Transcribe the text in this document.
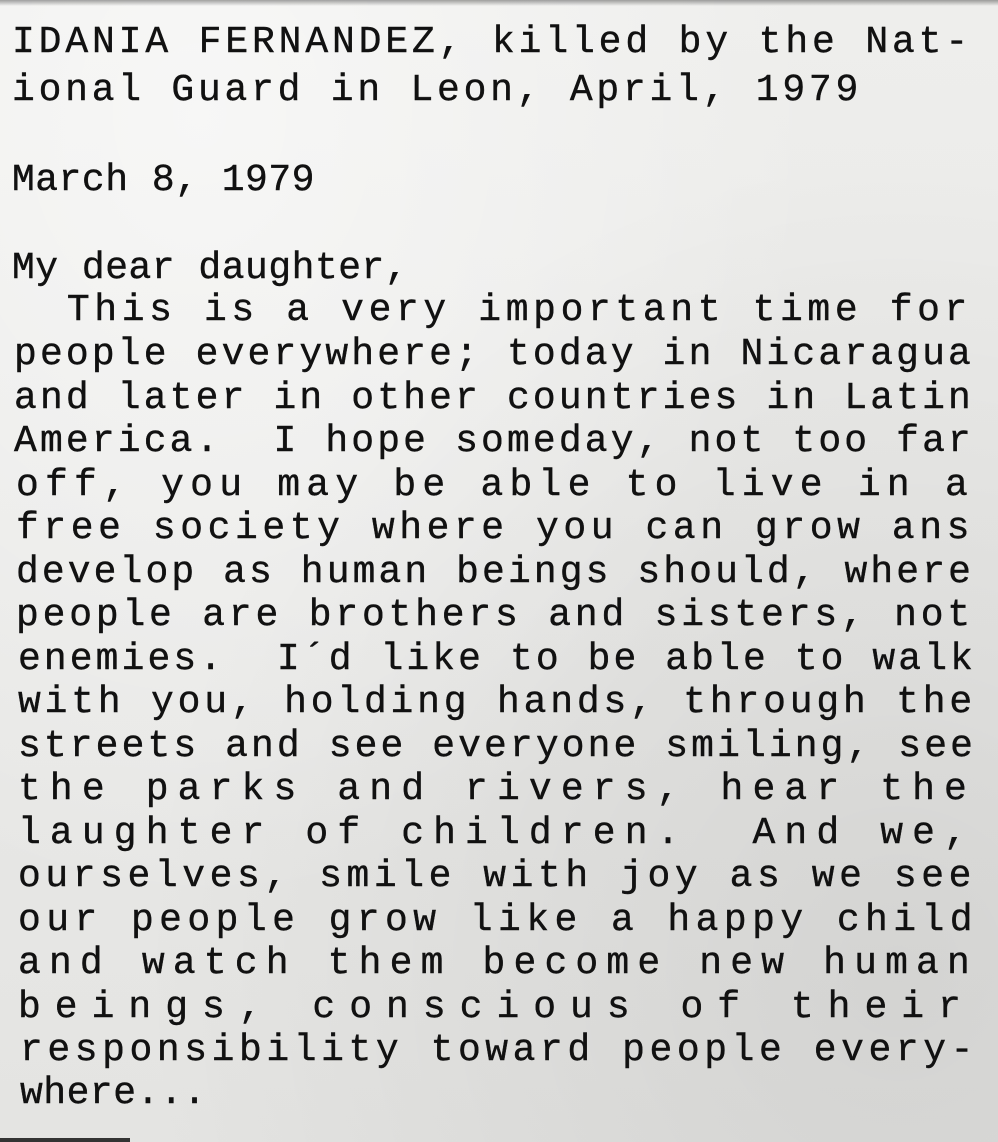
IDANIA FERNANDEZ, killed by the Nat-
ional Guard in Leon, April, 1979
March 8, 1979
My dear daughter,
This is a very important time for
people everywhere; today in Nicaragua
and later in other countries in Latin
America.  I hope someday, not too far
off, you may be able to live in a
free society where you can grow ans
develop as human beings should, where
people are brothers and sisters, not
enemies.  I´d like to be able to walk
with you, holding hands, through the
streets and see everyone smiling, see
the parks and rivers, hear the
laughter of children.  And we,
ourselves, smile with joy as we see
our people grow like a happy child
and watch them become new human
beings, conscious of their
responsibility toward people every-
where...
